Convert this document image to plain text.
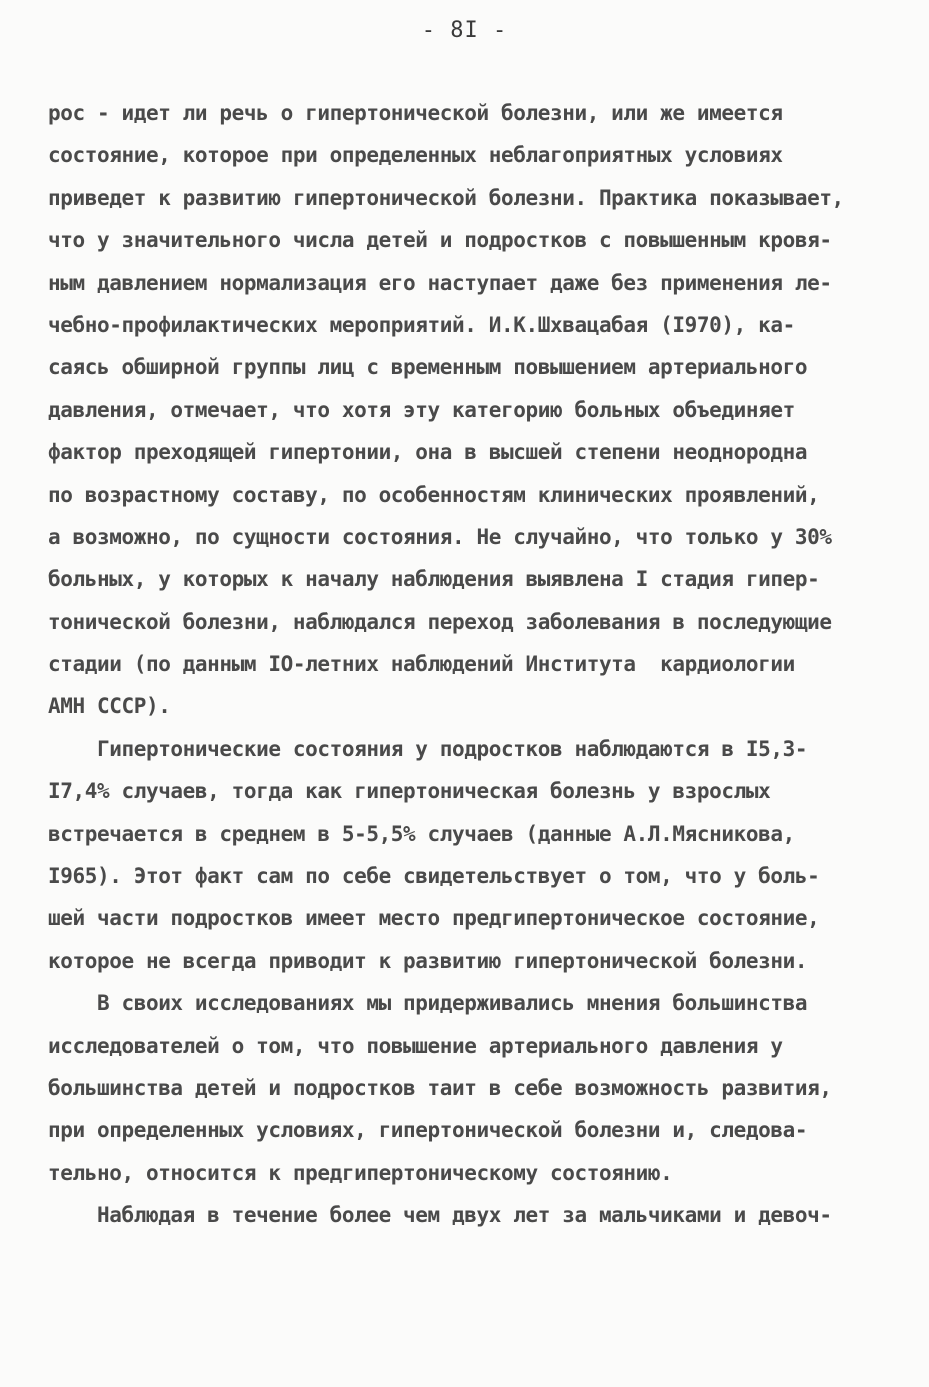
- 8I -
рос - идет ли речь о гипертонической болезни, или же имеется
состояние, которое при определенных неблагоприятных условиях
приведет к развитию гипертонической болезни. Практика показывает,
что у значительного числа детей и подростков с повышенным кровя-
ным давлением нормализация его наступает даже без применения ле-
чебно-профилактических мероприятий. И.К.Шхвацабая (I970), ка-
саясь обширной группы лиц с временным повышением артериального
давления, отмечает, что хотя эту категорию больных объединяет
фактор преходящей гипертонии, она в высшей степени неоднородна
по возрастному составу, по особенностям клинических проявлений,
а возможно, по сущности состояния. Не случайно, что только у 30%
больных, у которых к началу наблюдения выявлена I стадия гипер-
тонической болезни, наблюдался переход заболевания в последующие
стадии (по данным IO-летних наблюдений Института  кардиологии
АМН СССР).
Гипертонические состояния у подростков наблюдаются в I5,3-
I7,4% случаев, тогда как гипертоническая болезнь у взрослых
встречается в среднем в 5-5,5% случаев (данные А.Л.Мясникова,
I965). Этот факт сам по себе свидетельствует о том, что у боль-
шей части подростков имеет место предгипертоническое состояние,
которое не всегда приводит к развитию гипертонической болезни.
В своих исследованиях мы придерживались мнения большинства
исследователей о том, что повышение артериального давления у
большинства детей и подростков таит в себе возможность развития,
при определенных условиях, гипертонической болезни и, следова-
тельно, относится к предгипертоническому состоянию.
Наблюдая в течение более чем двух лет за мальчиками и девоч-
